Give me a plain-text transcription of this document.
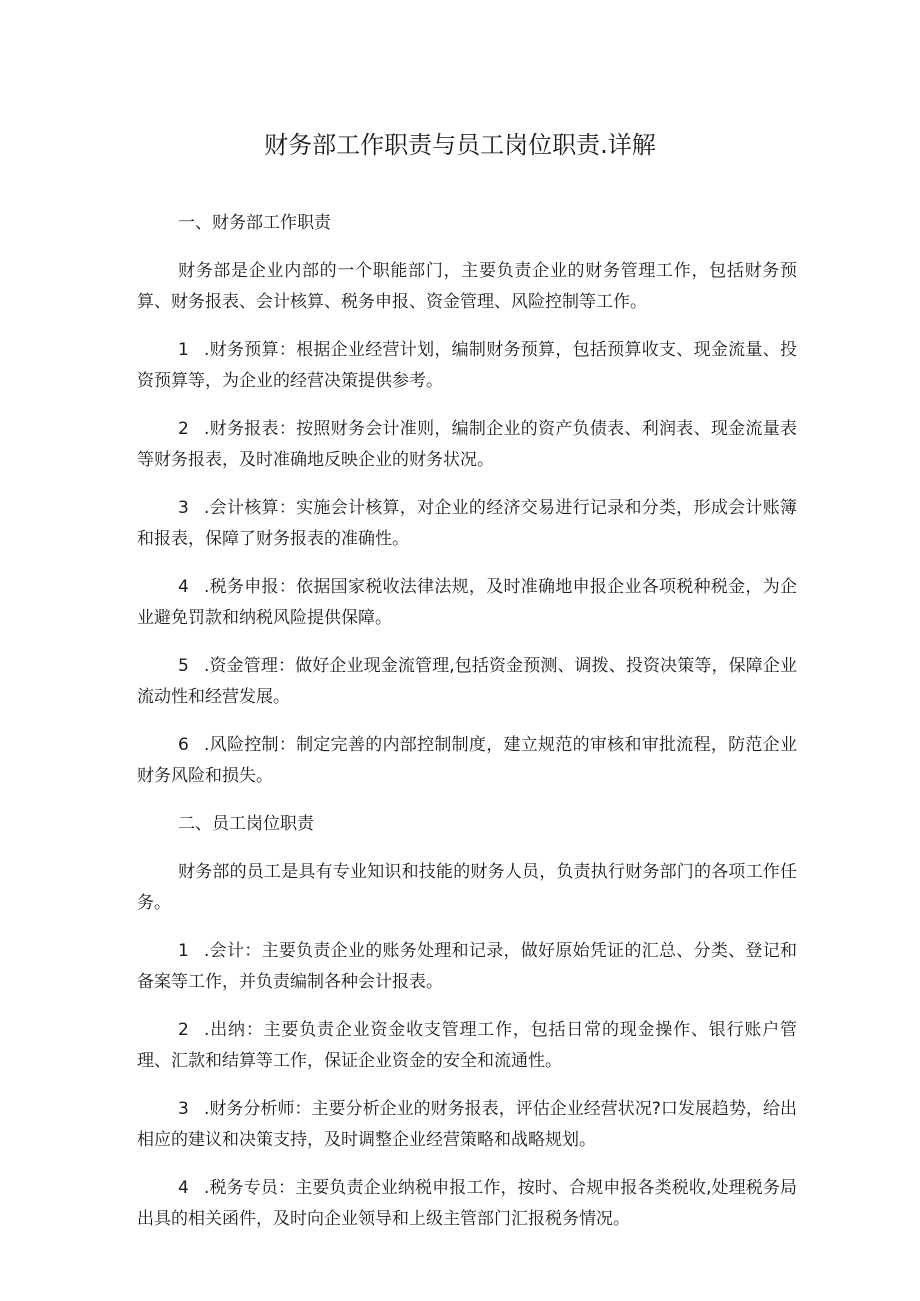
财务部工作职责与员工岗位职责.详解

一、财务部工作职责

财务部是企业内部的一个职能部门，主要负责企业的财务管理工作，包括财务预算、财务报表、会计核算、税务申报、资金管理、风险控制等工作。

1 .财务预算：根据企业经营计划，编制财务预算，包括预算收支、现金流量、投资预算等，为企业的经营决策提供参考。

2 .财务报表：按照财务会计准则，编制企业的资产负债表、利润表、现金流量表等财务报表，及时准确地反映企业的财务状况。

3 .会计核算：实施会计核算，对企业的经济交易进行记录和分类，形成会计账簿和报表，保障了财务报表的准确性。

4 .税务申报：依据国家税收法律法规，及时准确地申报企业各项税种税金，为企业避免罚款和纳税风险提供保障。

5 .资金管理：做好企业现金流管理,包括资金预测、调拨、投资决策等，保障企业流动性和经营发展。

6 .风险控制：制定完善的内部控制制度，建立规范的审核和审批流程，防范企业财务风险和损失。

二、员工岗位职责

财务部的员工是具有专业知识和技能的财务人员，负责执行财务部门的各项工作任务。

1 .会计：主要负责企业的账务处理和记录，做好原始凭证的汇总、分类、登记和备案等工作，并负责编制各种会计报表。

2 .出纳：主要负责企业资金收支管理工作，包括日常的现金操作、银行账户管理、汇款和结算等工作，保证企业资金的安全和流通性。

3 .财务分析师：主要分析企业的财务报表，评估企业经营状况?口发展趋势，给出相应的建议和决策支持，及时调整企业经营策略和战略规划。

4 .税务专员：主要负责企业纳税申报工作，按时、合规申报各类税收,处理税务局出具的相关函件，及时向企业领导和上级主管部门汇报税务情况。
